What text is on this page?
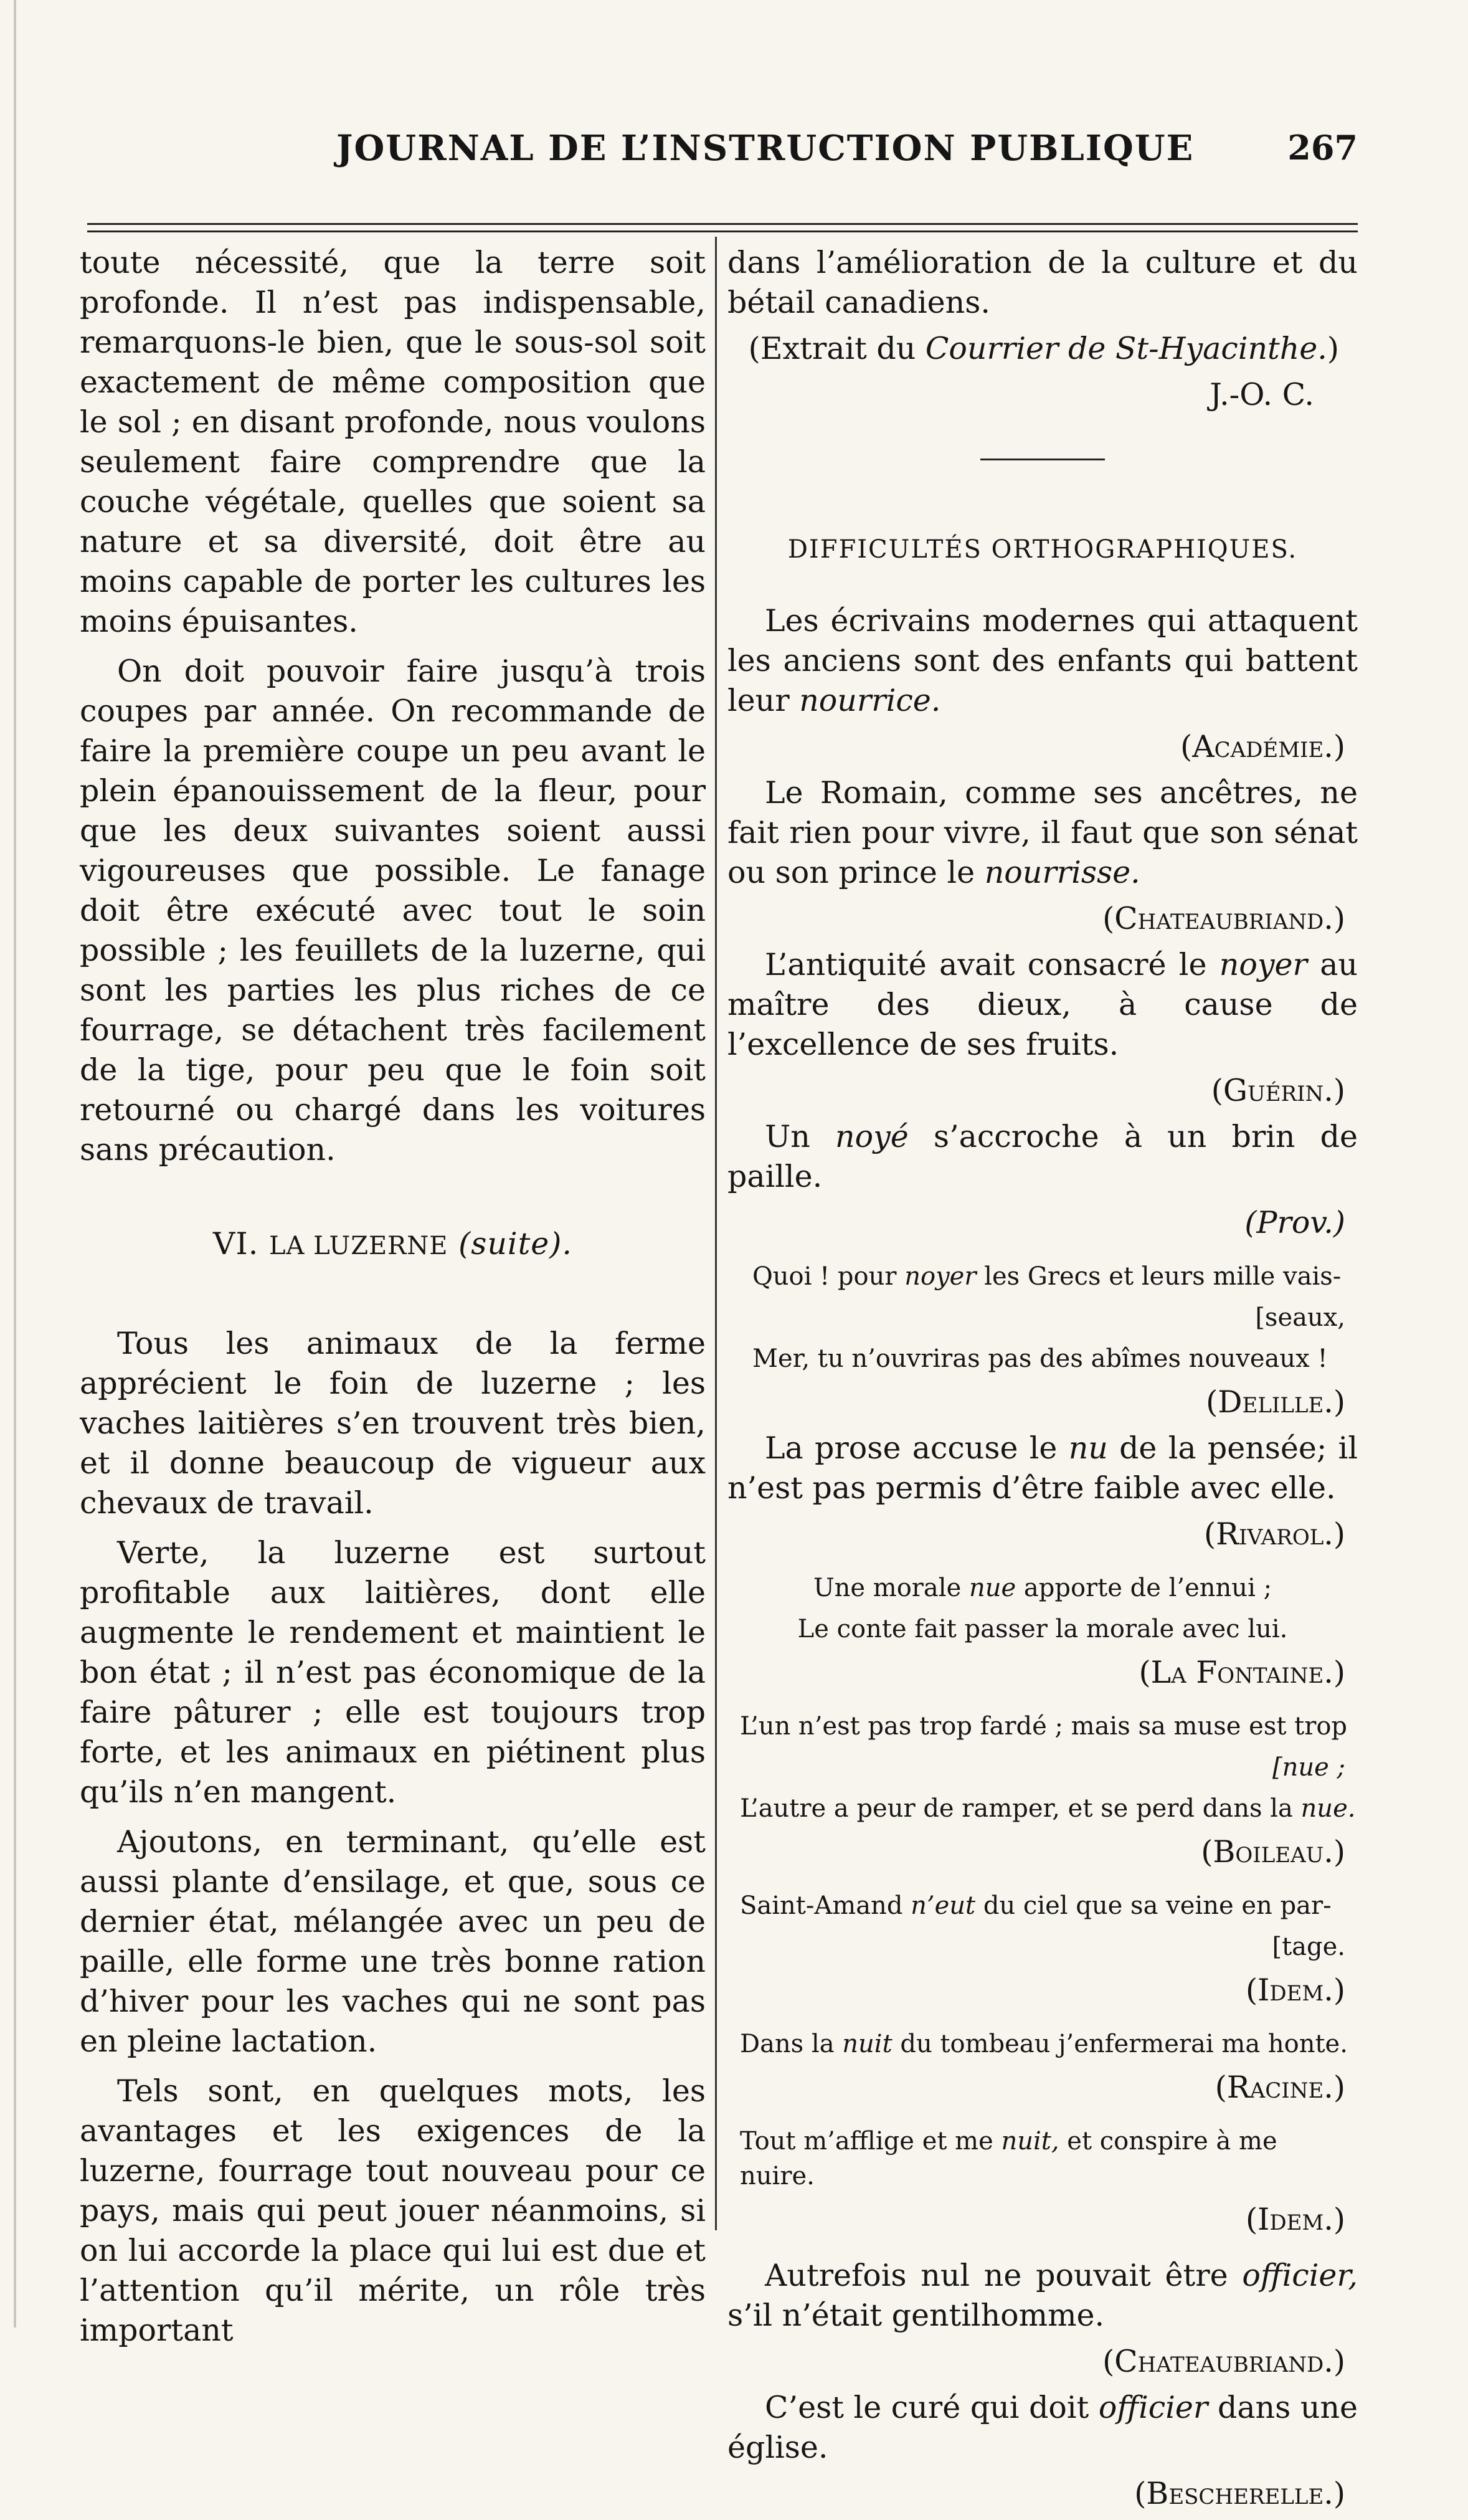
JOURNAL DE L’INSTRUCTION PUBLIQUE	267

toute nécessité, que la terre soit profonde. Il n’est pas indispensable, remarquons-le bien, que le sous-sol soit exactement de même composition que le sol ; en disant profonde, nous voulons seulement faire comprendre que la couche végétale, quelles que soient sa nature et sa diversité, doit être au moins capable de porter les cultures les moins épuisantes.

On doit pouvoir faire jusqu’à trois coupes par année. On recommande de faire la première coupe un peu avant le plein épanouissement de la fleur, pour que les deux suivantes soient aussi vigoureuses que possible. Le fanage doit être exécuté avec tout le soin possible ; les feuillets de la luzerne, qui sont les parties les plus riches de ce fourrage, se détachent très facilement de la tige, pour peu que le foin soit retourné ou chargé dans les voitures sans précaution.

VI. LA LUZERNE (suite).

Tous les animaux de la ferme apprécient le foin de luzerne ; les vaches laitières s’en trouvent très bien, et il donne beaucoup de vigueur aux chevaux de travail.

Verte, la luzerne est surtout profitable aux laitières, dont elle augmente le rendement et maintient le bon état ; il n’est pas économique de la faire pâturer ; elle est toujours trop forte, et les animaux en piétinent plus qu’ils n’en mangent.

Ajoutons, en terminant, qu’elle est aussi plante d’ensilage, et que, sous ce dernier état, mélangée avec un peu de paille, elle forme une très bonne ration d’hiver pour les vaches qui ne sont pas en pleine lactation.

Tels sont, en quelques mots, les avantages et les exigences de la luzerne, fourrage tout nouveau pour ce pays, mais qui peut jouer néanmoins, si on lui accorde la place qui lui est due et l’attention qu’il mérite, un rôle très important

dans l’amélioration de la culture et du bétail canadiens.

(Extrait du Courrier de St-Hyacinthe.)

J.-O. C.

DIFFICULTÉS ORTHOGRAPHIQUES.

Les écrivains modernes qui attaquent les anciens sont des enfants qui battent leur nourrice.

(Académie.)

Le Romain, comme ses ancêtres, ne fait rien pour vivre, il faut que son sénat ou son prince le nourrisse.

(Chateaubriand.)

L’antiquité avait consacré le noyer au maître des dieux, à cause de l’excellence de ses fruits.

(Guérin.)

Un noyé s’accroche à un brin de paille.

(Prov.)

Quoi ! pour noyer les Grecs et leurs mille vais-

[seaux,

Mer, tu n’ouvriras pas des abîmes nouveaux !

(Delille.)

La prose accuse le nu de la pensée; il n’est pas permis d’être faible avec elle.

(Rivarol.)

Une morale nue apporte de l’ennui ;

Le conte fait passer la morale avec lui.

(La Fontaine.)

L’un n’est pas trop fardé ; mais sa muse est trop

[nue ;

L’autre a peur de ramper, et se perd dans la nue.

(Boileau.)

Saint-Amand n’eut du ciel que sa veine en par-

[tage.

(Idem.)

Dans la nuit du tombeau j’enfermerai ma honte.

(Racine.)

Tout m’afflige et me nuit, et conspire à me nuire.

(Idem.)

Autrefois nul ne pouvait être officier, s’il n’était gentilhomme.

(Chateaubriand.)

C’est le curé qui doit officier dans une église.

(Bescherelle.)
